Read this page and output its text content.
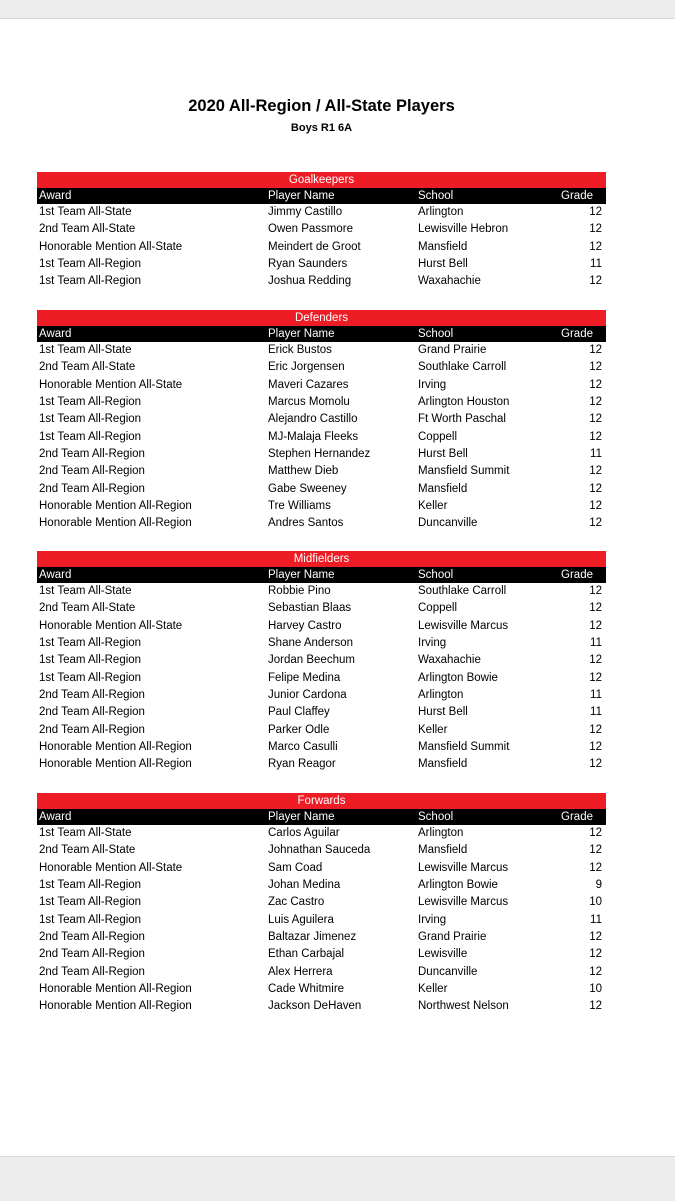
2020 All-Region / All-State Players
Boys R1 6A
Goalkeepers
Award	Player Name	School	Grade
1st Team All-State	Jimmy Castillo	Arlington	12
2nd Team All-State	Owen Passmore	Lewisville Hebron	12
Honorable Mention All-State	Meindert de Groot	Mansfield	12
1st Team All-Region	Ryan Saunders	Hurst Bell	11
1st Team All-Region	Joshua Redding	Waxahachie	12
Defenders
Award	Player Name	School	Grade
1st Team All-State	Erick Bustos	Grand Prairie	12
2nd Team All-State	Eric Jorgensen	Southlake Carroll	12
Honorable Mention All-State	Maveri Cazares	Irving	12
1st Team All-Region	Marcus Momolu	Arlington Houston	12
1st Team All-Region	Alejandro Castillo	Ft Worth Paschal	12
1st Team All-Region	MJ-Malaja Fleeks	Coppell	12
2nd Team All-Region	Stephen Hernandez	Hurst Bell	11
2nd Team All-Region	Matthew Dieb	Mansfield Summit	12
2nd Team All-Region	Gabe Sweeney	Mansfield	12
Honorable Mention All-Region	Tre Williams	Keller	12
Honorable Mention All-Region	Andres Santos	Duncanville	12
Midfielders
Award	Player Name	School	Grade
1st Team All-State	Robbie Pino	Southlake Carroll	12
2nd Team All-State	Sebastian Blaas	Coppell	12
Honorable Mention All-State	Harvey Castro	Lewisville Marcus	12
1st Team All-Region	Shane Anderson	Irving	11
1st Team All-Region	Jordan Beechum	Waxahachie	12
1st Team All-Region	Felipe Medina	Arlington Bowie	12
2nd Team All-Region	Junior Cardona	Arlington	11
2nd Team All-Region	Paul Claffey	Hurst Bell	11
2nd Team All-Region	Parker Odle	Keller	12
Honorable Mention All-Region	Marco Casulli	Mansfield Summit	12
Honorable Mention All-Region	Ryan Reagor	Mansfield	12
Forwards
Award	Player Name	School	Grade
1st Team All-State	Carlos Aguilar	Arlington	12
2nd Team All-State	Johnathan Sauceda	Mansfield	12
Honorable Mention All-State	Sam Coad	Lewisville Marcus	12
1st Team All-Region	Johan Medina	Arlington Bowie	9
1st Team All-Region	Zac Castro	Lewisville Marcus	10
1st Team All-Region	Luis Aguilera	Irving	11
2nd Team All-Region	Baltazar Jimenez	Grand Prairie	12
2nd Team All-Region	Ethan Carbajal	Lewisville	12
2nd Team All-Region	Alex Herrera	Duncanville	12
Honorable Mention All-Region	Cade Whitmire	Keller	10
Honorable Mention All-Region	Jackson DeHaven	Northwest Nelson	12
